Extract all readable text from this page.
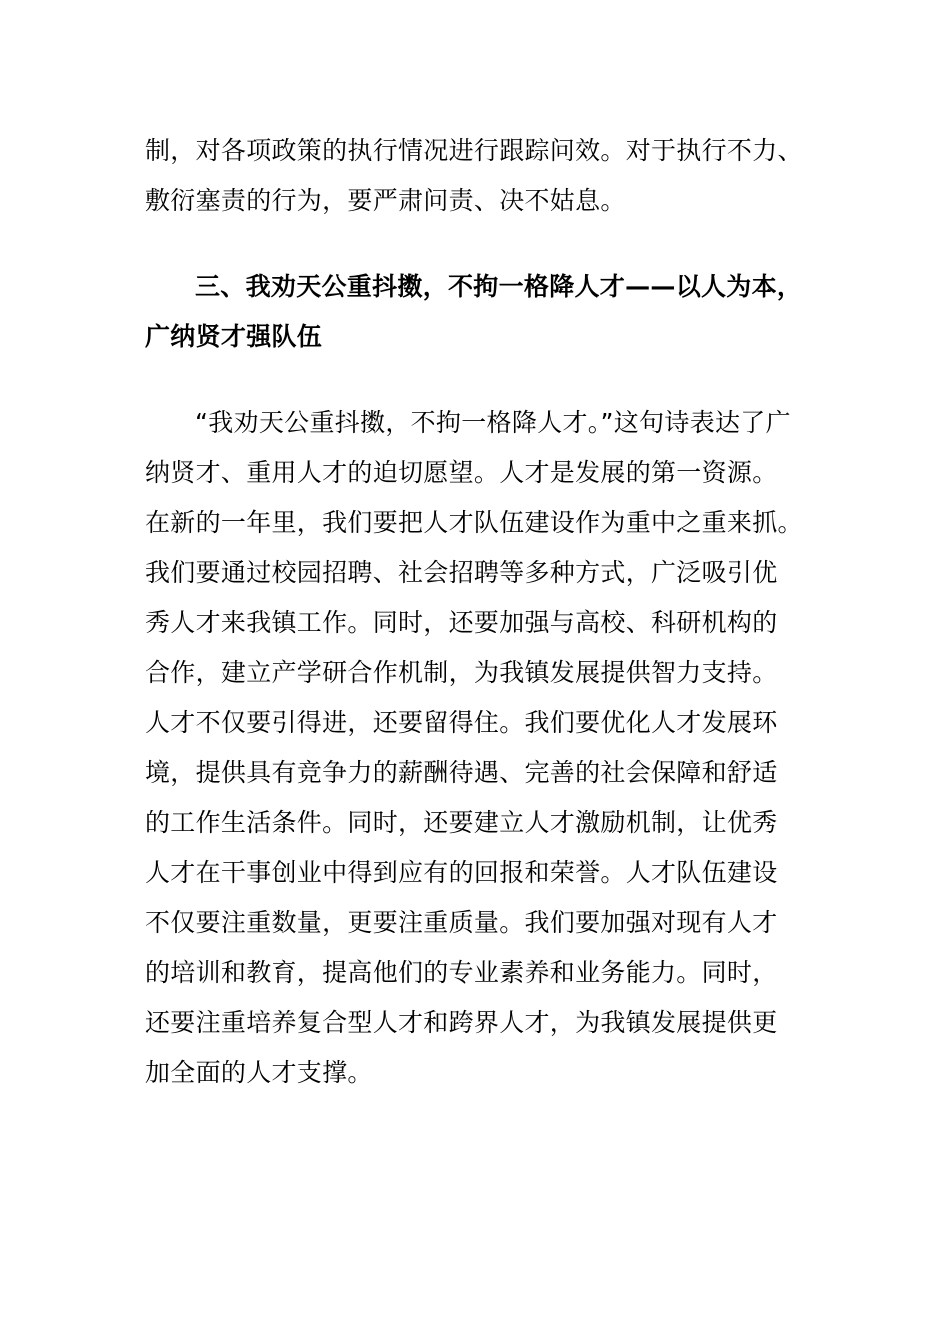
制，对各项政策的执行情况进行跟踪问效。对于执行不力、
敷衍塞责的行为，要严肃问责、决不姑息。
三、我劝天公重抖擞，不拘一格降人才——以人为本，
广纳贤才强队伍
“我劝天公重抖擞，不拘一格降人才。”这句诗表达了广
纳贤才、重用人才的迫切愿望。人才是发展的第一资源。
在新的一年里，我们要把人才队伍建设作为重中之重来抓。
我们要通过校园招聘、社会招聘等多种方式，广泛吸引优
秀人才来我镇工作。同时，还要加强与高校、科研机构的
合作，建立产学研合作机制，为我镇发展提供智力支持。
人才不仅要引得进，还要留得住。我们要优化人才发展环
境，提供具有竞争力的薪酬待遇、完善的社会保障和舒适
的工作生活条件。同时，还要建立人才激励机制，让优秀
人才在干事创业中得到应有的回报和荣誉。人才队伍建设
不仅要注重数量，更要注重质量。我们要加强对现有人才
的培训和教育，提高他们的专业素养和业务能力。同时，
还要注重培养复合型人才和跨界人才，为我镇发展提供更
加全面的人才支撑。
